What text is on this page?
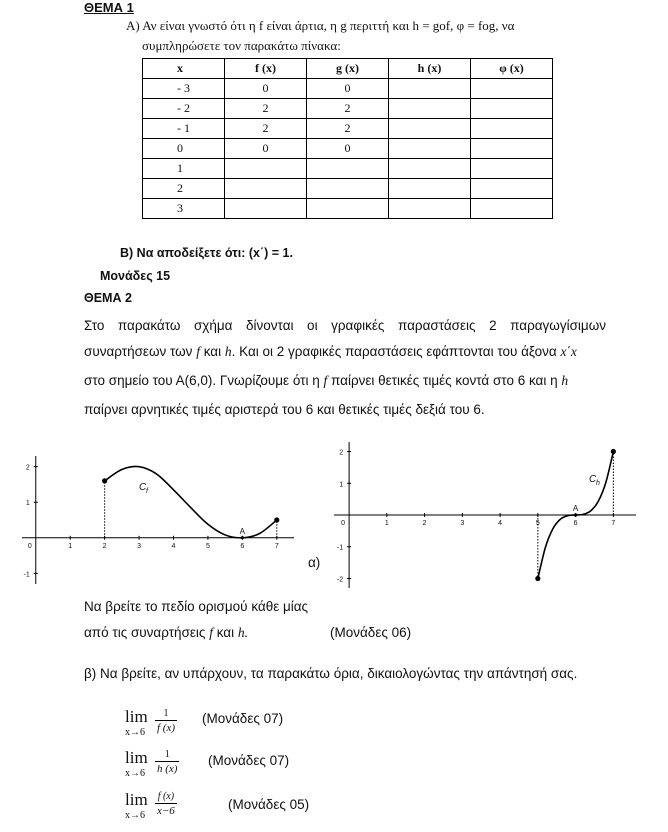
ΘΕΜΑ 1
Α) Αν είναι γνωστό ότι η f είναι άρτια, η g περιττή και h = gof, φ = fog, να
συμπληρώσετε τον παρακάτω πίνακα:
x	f (x)	g (x)	h (x)	φ (x)
- 3	0	0		
- 2	2	2		
- 1	2	2		
0	0	0		
1				
2				
3				
Β) Να αποδείξετε ότι: (x΄) = 1.
Μονάδες 15
ΘΕΜΑ 2
Στο παρακάτω σχήμα δίνονται οι γραφικές παραστάσεις 2 παραγωγίσιμων
συναρτήσεων των f και h. Και οι 2 γραφικές παραστάσεις εφάπτονται του άξονα x΄x
στο σημείο του Α(6,0). Γνωρίζουμε ότι η f παίρνει θετικές τιμές κοντά στο 6 και η h
παίρνει αρνητικές τιμές αριστερά του 6 και θετικές τιμές δεξιά του 6.
0	1	2	3	4	5	6	7
-1
1
2
A
C f
0	1	2	3	4	5	6	7
-2
-1
1
2
A
C h
α)
Να βρείτε το πεδίο ορισμού κάθε μίας
από τις συναρτήσεις f και h.	(Μονάδες 06)
β) Να βρείτε, αν υπάρχουν, τα παρακάτω όρια, δικαιολογώντας την απάντησή σας.
lim
$x\to 6 \frac{1}{f (x)} (Mo\nu ά\delta\varepsilon\varsigma$ 07)
lim
$x\to 6 \frac{1}{h (x)} (Mo\nu ά\delta\varepsilon\varsigma$ 07)
lim
$x\to 6 \frac{f (x)}{x-6}$	(Μονάδες 05)
